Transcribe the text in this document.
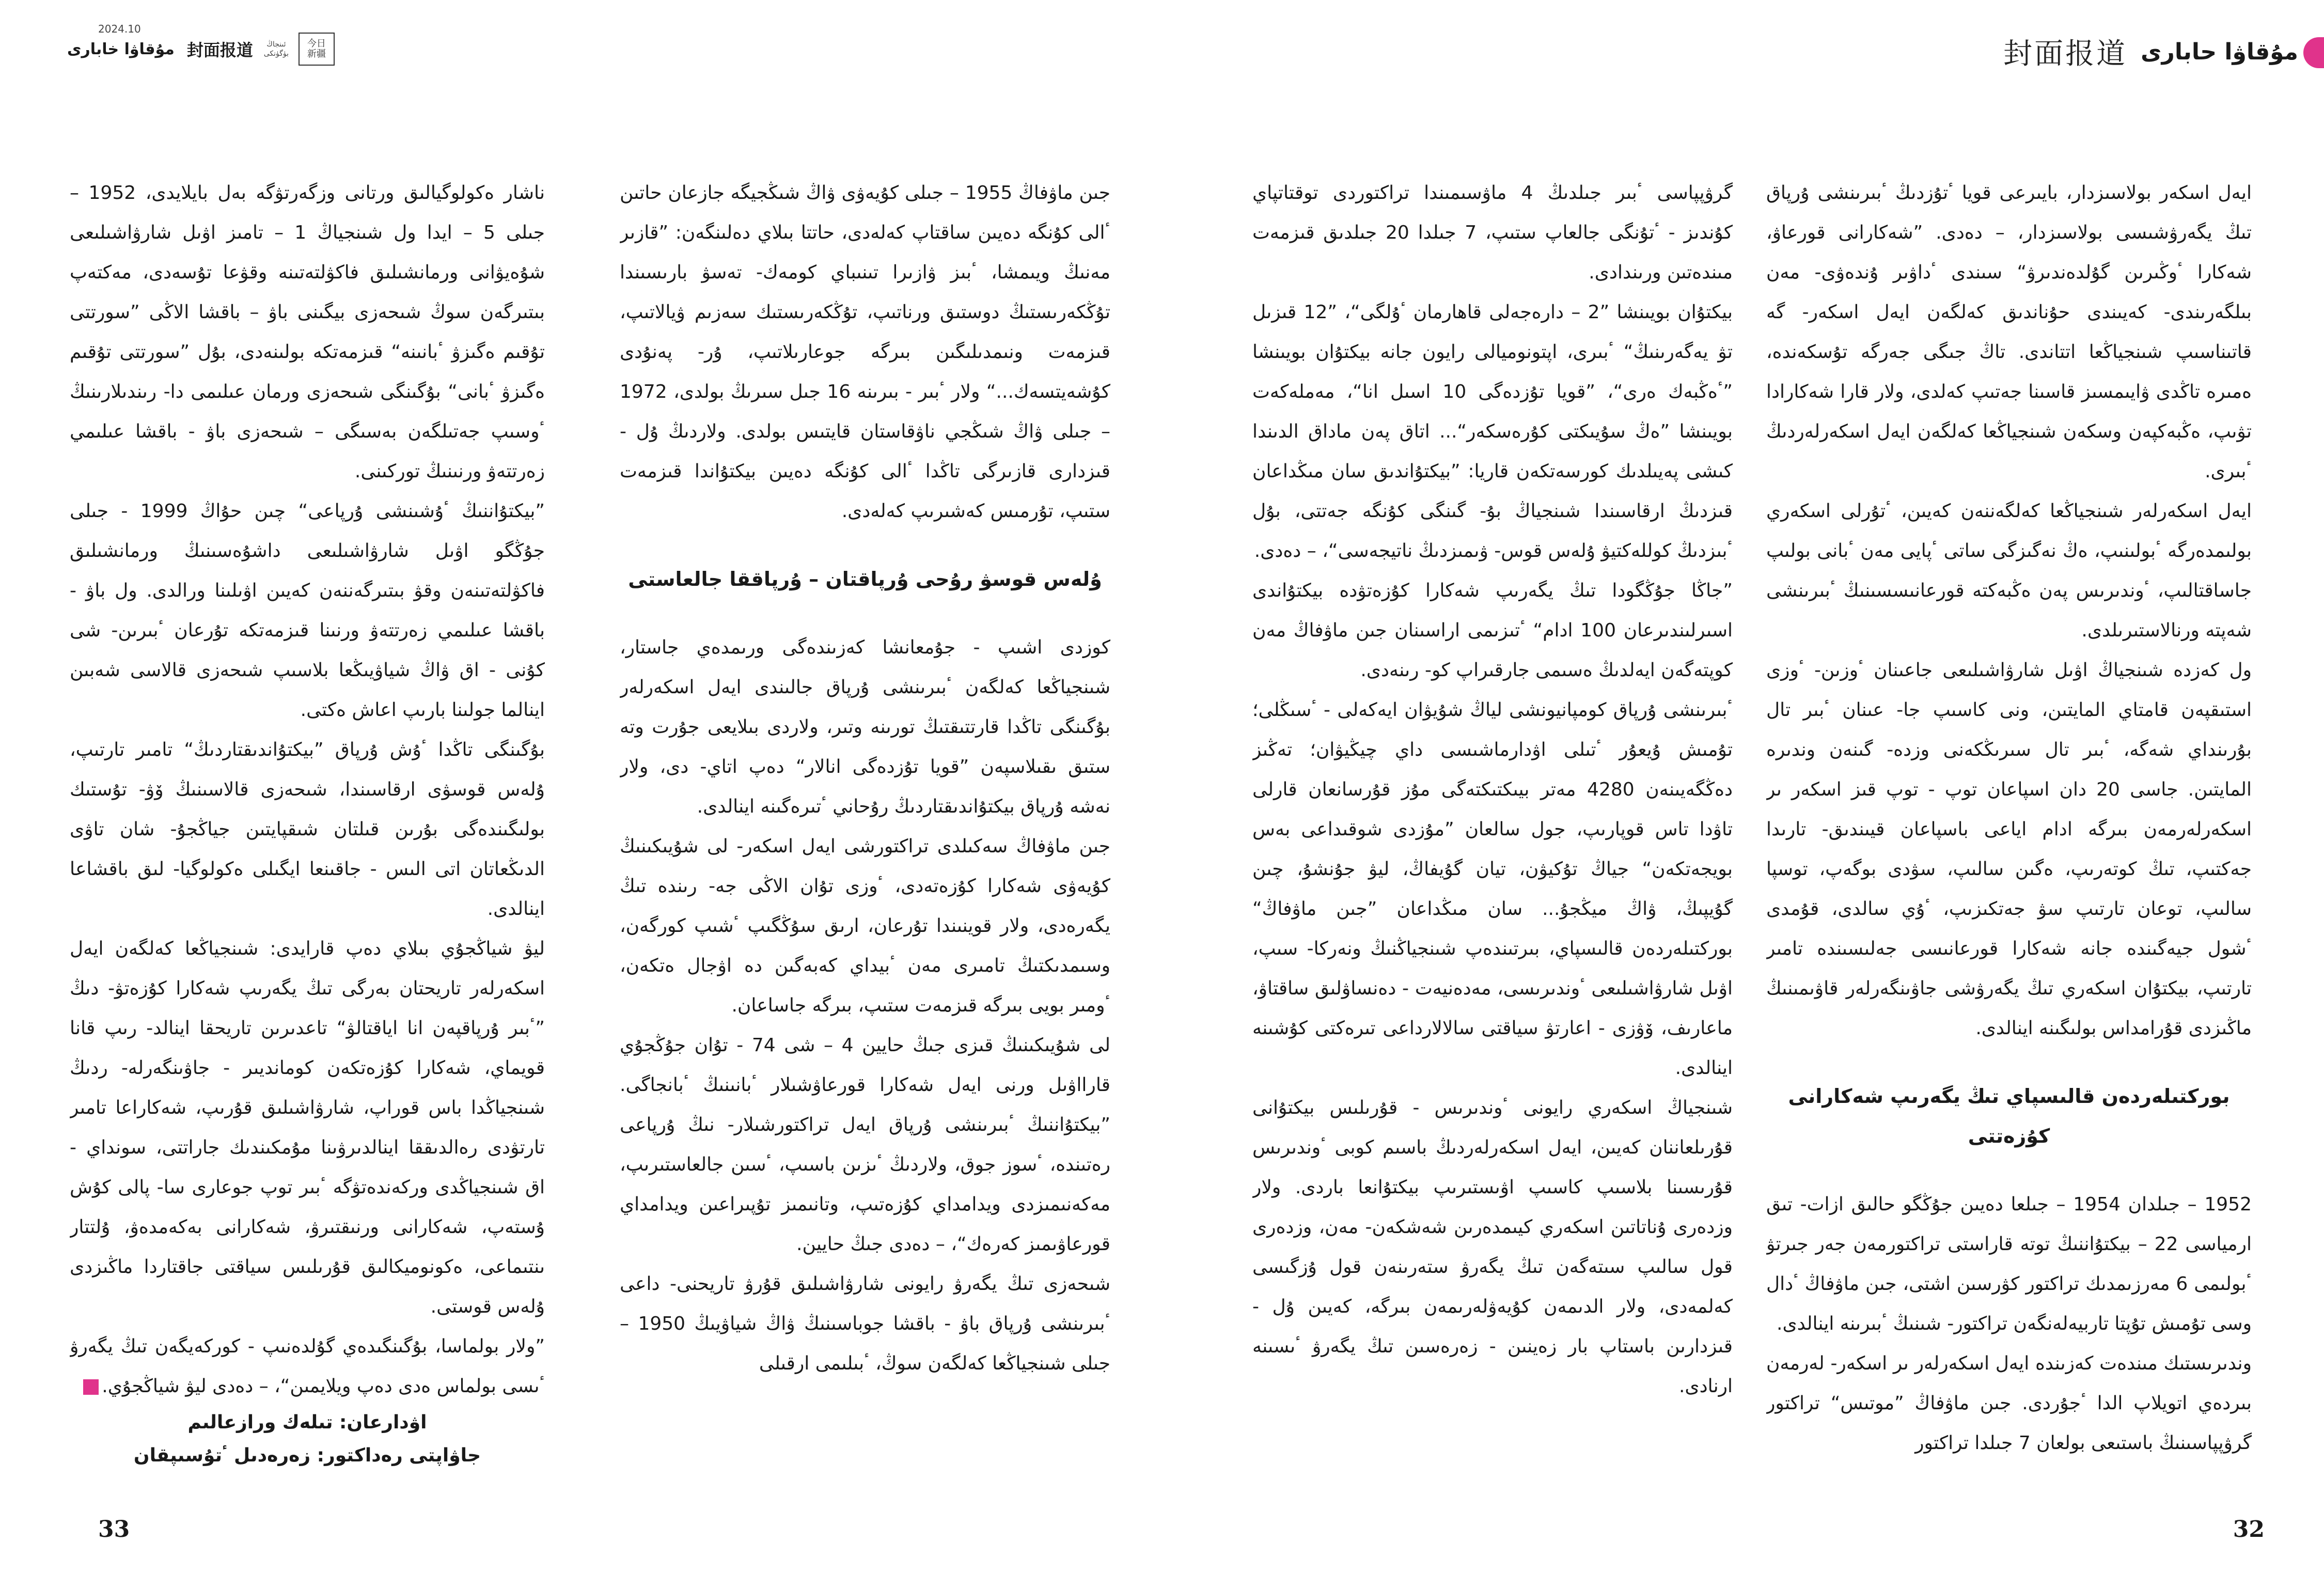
今日
新疆
ئىنجاڭ بۈگۈنكى
封面报道
مۇقاۋا خابارى
2024.10

جىن ماۋفاڭ 1955 – جىلى كۇيەۋى ۋاڭ شىڭجيگە جازعان حاتىن ٴالى كۇنگە دەيىن ساقتاپ كەلەدى، حاتتا بىلاي دەلىنگەن: ”قازىر مەنىڭ ويىمشا، ٴبىز ۋازىرا تىنىباي كومەك- تەسۋ بارىسىندا تۇڭكەرىستىڭ دوستىق ورناتىپ، تۇڭكەرىستىك سەزىم ۋيالاتىپ، قىزمەت ونىمدىلىگىن بىرگە جوعارىلاتىپ، ۇر- پەنۇدى كۇشەيتسەك...“ ولار ٴبىر - بىرىنە 16 جىل سىرىڭ بولدى، 1972 – جىلى ۋاڭ شىڭجي ناۋقاستان قايتىس بولدى. ولاردىڭ ۇل - قىزدارى قازىرگى تاڭدا ٴالى كۇنگە دەيىن بيكتۇاندا قىزمەت ستىپ، تۇرمىس كەشىرىپ كەلەدى.

ۇلەس قوسۋ رۇحى ۇرپاقتان – ۇرپاققا جالعاستى

كوزدى اشىپ - جۇمعانشا كەزىندەگى ورىمدەي جاستار، شىنجياڭعا كەلگەن ٴبىرىنشى ۇرپاق جالىندى ايەل اسكەرلەر بۇگىنگى تاڭدا قارتتىقتىڭ تورىنە وتىر، ولاردى بىلايعى جۇرت وتە ستىق ىقىلاسپەن ”قويا تۇزدەگى انالار“ دەپ اتاي- دى، ولار نەشە ۇرپاق بيكتۇاندىقتاردىڭ رۇحاني ٴتىرەگىنە اينالدى.

جىن ماۋفاڭ سەكىلدى تراكتورشى ايەل اسكەر- لى شۇيىكىنىڭ كۇيەۋى شەكارا كۇزەتەدى، ٴوزى تۇان الاڭى جە- رىندە تىڭ يگەرەدى، ولار قوينىندا تۇرعان، ارىق سۇڭگىپ ٴشىپ كورگەن، وسىمدىكتىڭ تامىرى مەن ٴبيداي كەبەگىن دە اۋجال ەتكەن، ٴومىر بويى بىرگە قىزمەت ستىپ، بىرگە جاساعان.

لى شۇيىكىنىڭ قىزى جىڭ حايين 4 – شى 74 - تۇان جۇڭجۇي قارااۋىل ورنى ايەل شەكارا قورعاۋشىلار ٴبانىنىڭ ٴبانجاگى. ”بيكتۇاننىڭ ٴبىرىنشى ۇرپاق ايەل تراكتورشىلار- نىڭ ۇرپاعى رەتىندە، ٴسوز جوق، ولاردىڭ ٴىزىن باسىپ، ٴسىن جالعاستىرىپ، مەكەنىمىزدى ويدامداي كۇزەتىپ، وتانىمىز تۇپىراعىن ويدامداي قورعاۋىمىز كەرەك“، – دەدى جىڭ حايين.

شىحەزى تىڭ يگەرۋ رايونى شارۋاشىلىق قۇرۋ تاريحنى- داعى ٴبىرىنشى ۇرپاق باۋ - باقشا جوباسىنىڭ ۋاڭ شياۋيىڭ 1950 – جىلى شىنجياڭعا كەلگەن سوڭ، ٴبىلىمى ارقىلى

ناشار ەكولوگيالىق ورتانى وزگەرتۋگە بەل بايلايدى، 1952 – جىلى 5 – ايدا ول شىنجياڭ 1 – تامىز اۋىل شارۋاشىلىعى شۇەيۋانى ورمانشىلىق فاكۋلتەتىنە وقۋعا تۇسەدى، مەكتەپ بىتىرگەن سوڭ شىحەزى بيگىنى باۋ – باقشا الاڭى ”سورتتى تۇقىم ەگىزۋ ٴبانىنە“ قىزمەتكە بولىنەدى، بۇل ”سورتتى تۇقىم ەگىزۋ ٴبانى“ بۇگىنگى شىحەزى ورمان عىلىمى دا- رىندىلارىنىڭ ٴوسىپ جەتىلگەن بەسىگى – شىحەزى باۋ - باقشا عىلىمي زەرتتەۋ ورنىنىڭ توركىنى.

”بيكتۇاننىڭ ٴۇشىنشى ۇرپاعى“ چىن حۇاڭ 1999 - جىلى جۇڭگو اۋىل شارۋاشىلىعى داشۇەسىنىڭ ورمانشىلىق فاكۋلتەتىنەن وقۋ بىتىرگەننەن كەيىن اۋىلىنا ورالدى. ول باۋ - باقشا عىلىمي زەرتتەۋ ورنىنا قىزمەتكە تۇرعان ٴبىرىن- شى كۇنى - اق ۋاڭ شياۋيىڭعا بلاسىپ شىحەزى قالاسى شەبىن اينالما جولىنا بارىپ اعاش ەكتى.

بۇگىنگى تاڭدا ٴۇش ۇرپاق ”بيكتۇاندىقتاردىڭ“ تامىر تارتىپ، ۇلەس قوسۋى ارقاسىندا، شىحەزى قالاسىنىڭ ۆۋ- تۇستىك بولىگىندەگى بۇرىن قىلتان شىقپايتىن جياڭجۇ- شان تاۋى الدىڭعاتان اتى الىس - جاقىنعا ايگىلى ەكولوگيا- لىق باقشاعا اينالدى.

ليۋ شياڭجۇي بىلاي دەپ قارايدى: شىنجياڭعا كەلگەن ايەل اسكەرلەر تاريحتان بەرگى تىڭ يگەرىپ شەكارا كۇزەتۋ- دىڭ ”ٴبىر ۇرپاقپەن انا اياقتالۋ“ تاعدىرىن تاريحقا اينالد- رىپ قانا قويماي، شەكارا كۇزەتكەن كومانديىر - جاۋىنگەرلە- ردىڭ شىنجياڭدا باس قوراپ، شارۋاشىلىق قۇرىپ، شەكاراعا تامىر تارتۋدى رەالدىققا اينالدىرۋىنا مۇمكىندىك جاراتتى، سونداي - اق شىنجياڭدى وركەندەتۋگە ٴبىر توپ جوعارى سا- پالى كۇش ۇستەپ، شەكارانى ورنىقتىرۋ، شەكارانى بەكەمدەۋ، ۇلتتار ىنتىماعى، ەكونوميكالىق قۇرىلىس سياقتى جاقتاردا ماڭىزدى ۇلەس قوستى.

”ولار بولماسا، بۇگىنگىدەي گۇلدەنىپ - كوركەيگەن تىڭ يگەرۋ ٴىسى بولماس ەدى دەپ ويلايمىن“، – دەدى ليۋ شياڭجۇي.

اۋدارعان: تىلەك ورازعالىم

جاۋاپتى رەداكتور: زەرەدىل ٴتۇسىپقان

33
مۇقاۋا حابارى
封面报道

ايەل اسكەر بولاسىزدار، بايىرعى قويا ٴتۇزدىڭ ٴبىرىنشى ۇرپاق تىڭ يگەرۋشىسى بولاسىزدار، – دەدى. ”شەكارانى قورعاۋ، شەكارا ٴوڭىرىن گۇلدەندىرۋ“ سىندى ٴداۋىر ۇندەۋى- مەن بىلگەرىندى- كەيىندى حۇناندىق كەلگەن ايەل اسكەر- گە قاتىناسىپ شىنجياڭعا اتتاندى. تاڭ جىگى جەرگە تۇسكەندە، ەمىرە تاڭدى ۋايىمسىز قاسىنا جەتىپ كەلدى، ولار قارا شەكارادا تۋىپ، ەڭبەكپەن وسكەن شىنجياڭعا كەلگەن ايەل اسكەرلەردىڭ ٴبىرى.

ايەل اسكەرلەر شىنجياڭعا كەلگەننەن كەيىن، ٴتۇرلى اسكەري بولىمدەرگە ٴبولىنىپ، ەڭ نەگىزگى ساتى ٴپايى مەن ٴبانى بولىپ جاساقتالىپ، ٴوندىرىس پەن ەڭبەكتە قورعانىسسىنىڭ ٴبىرىنشى شەپتە ورنالاستىرىلدى.

ول كەزدە شىنجياڭ اۋىل شارۋاشىلىعى جاعىنان ٴوزىن- ٴوزى استىقپەن قامتاي المايتىن، ونى كاسىپ جا- عىنان ٴبىر تال بۇرىنداي شەگە، ٴبىر تال سىرىڭكەنى وزدە- گىنەن وندىرە المايتىن. جاسى 20 دان اسپاعان توپ - توپ قىز اسكەر ىر اسكەرلەرمەن بىرگە ادام اياعى باسپاعان قيىندىق- تارىدا جەكتىپ، تىڭ كوتەرىپ، ەگىن سالىپ، سۋدى بوگەپ، توسپا سالىپ، توعان تارتىپ سۋ جەتكىزىپ، ٴۇي سالدى، قۇمدى ٴشول جيەگىندە جانە شەكارا قورعانىسى جەلىسىندە تامىر تارتىپ، بيكتۇان اسكەري تىڭ يگەرۋشى جاۋىنگەرلەر قاۋىمىنىڭ ماڭىزدى قۇرامداس بولىگىنە اينالدى.

بوركتىلەردەن قالىسپاي تىڭ يگەرىپ شەكارانى كۇزەتتى

1952 – جىلدان 1954 – جىلعا دەيىن جۇڭگو حالىق ازات- تىق ارمياسى 22 – بيكتۇاننىڭ توتە قاراستى تراكتورمەن جەر جىرتۋ ٴبولىمى 6 مەرزىمدىك تراكتور كۋرسىن اشتى، جىن ماۋفاڭ ٴدال وسى تۇمىش تۇپتا تاربيەلەنگەن تراكتور- شىنىڭ ٴبىرىنە اينالدى.

وندىرىستىك مىندەت كەزىندە ايەل اسكەرلەر ىر اسكەر- لەرمەن بىردەي اتويلاپ الدا ٴجۇردى. جىن ماۋفاڭ ”موتىس“ تراكتور گرۋپپاسىنىڭ باستىعى بولعان 7 جىلدا تراكتور

گرۋپپاسى ٴبىر جىلدىڭ 4 ماۋسىمىندا تراكتوردى توقتاتپاي كۇندىز - ٴتۇنگى جالعاپ ستىپ، 7 جىلدا 20 جىلدىق قىزمەت مىندەتىن ورىندادى.

بيكتۇان بويىنشا ”2 – دارەجەلى قاھارمان ٴۇلگى“، ”12 قىزىل تۋ يەگەرىنىڭ“ ٴبىرى، اپتونوميالى رايون جانە بيكتۇان بويىنشا ”ٴەڭبەك ەرى“، ”قويا تۇزدەگى 10 اسىل انا“، مەملەكەت بويىنشا ”ەڭ سۇيىكتى كۇرەسكەر“... اتاق پەن ماداق الدىندا كىشى پەيىلدىك كورسەتكەن قاريا: ”بيكتۇاندىق سان مىڭداعان قىزدىڭ ارقاسىندا شىنجياڭ بۇ- گىنگى كۇنگە جەتتى، بۇل ٴبىزدىڭ كوللەكتيۋ ۇلەس قوس- ۋىمىزدىڭ ناتيجەسى“، – دەدى.

”جاڭا جۇڭگودا تىڭ يگەرىپ شەكارا كۇزەتۋدە بيكتۇاندى اسىرلىندىرعان 100 ادام“ ٴتىزىمى اراسىنان جىن ماۋفاڭ مەن كوپتەگەن ايەلدىڭ ەسىمى جارقىراپ كو- رىنەدى.

ٴبىرىنشى ۇرپاق كومپانيونشى لياڭ شۇيۋان ايەكەلى - ٴسىڭلى؛ تۇمىش ۇيعۇر ٴتىلى اۋدارماشىسى داي چيڭيۋان؛ تەڭىز دەڭگەيىنەن 4280 مەتر بيىكتىكتەگى مۇز قۇرسانعان قارلى تاۋدا تاس قوپارىپ، جول سالعان ”مۇزدى شوقىداعى بەس بويجەتكەن“ جياڭ تۇكيۋن، تيان گۇيفاڭ، ليۋ جۇنشۇ، چىن گۇيپىڭ، ۋاڭ ميڭجۇ... سان مىڭداعان ”جىن ماۋفاڭ“ بوركتىلەردەن قالىسپاي، بىرتىندەپ شىنجياڭنىڭ ونەركا- سىپ، اۋىل شارۋاشىلىعى ٴوندىرىسى، مەدەنيەت - دەنساۋلىق ساقتاۋ، ماعارىف، ۆۋزى - اعارتۋ سياقتى سالالارداعى تىرەكتى كۇشىنە اينالدى.

شىنجياڭ اسكەري رايونى ٴوندىرىس - قۇرىلىس بيكتۇانى قۇرىلعاننان كەيىن، ايەل اسكەرلەردىڭ باسىم كوبى ٴوندىرىس قۇرىسىنا بلاسىپ كاسىپ اۋىستىرىپ بيكتۇانعا باردى. ولار وزدەرى ۇناتاتىن اسكەري كيىمدەرىن شەشكەن- مەن، وزدەرى قول سالىپ سىتەگەن تىڭ يگەرۋ ستەرىنەن قول ۇزگىسى كەلمەدى، ولار الدىمەن كۇيەۋلەرىمەن بىرگە، كەيىن ۇل - قىزدارىن باستاپ بار زەينىن - زەرەسىن تىڭ يگەرۋ ٴىسىنە ارنادى.

32
